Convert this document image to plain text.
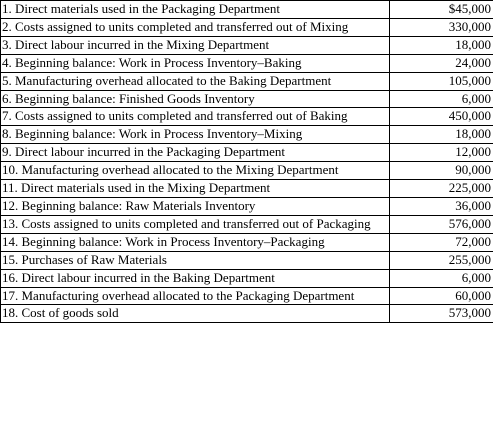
1. Direct materials used in the Packaging Department	$45,000
2. Costs assigned to units completed and transferred out of Mixing	330,000
3. Direct labour incurred in the Mixing Department	18,000
4. Beginning balance: Work in Process Inventory–Baking	24,000
5. Manufacturing overhead allocated to the Baking Department	105,000
6. Beginning balance: Finished Goods Inventory	6,000
7. Costs assigned to units completed and transferred out of Baking	450,000
8. Beginning balance: Work in Process Inventory–Mixing	18,000
9. Direct labour incurred in the Packaging Department	12,000
10. Manufacturing overhead allocated to the Mixing Department	90,000
11. Direct materials used in the Mixing Department	225,000
12. Beginning balance: Raw Materials Inventory	36,000
13. Costs assigned to units completed and transferred out of Packaging	576,000
14. Beginning balance: Work in Process Inventory–Packaging	72,000
15. Purchases of Raw Materials	255,000
16. Direct labour incurred in the Baking Department	6,000
17. Manufacturing overhead allocated to the Packaging Department	60,000
18. Cost of goods sold	573,000
